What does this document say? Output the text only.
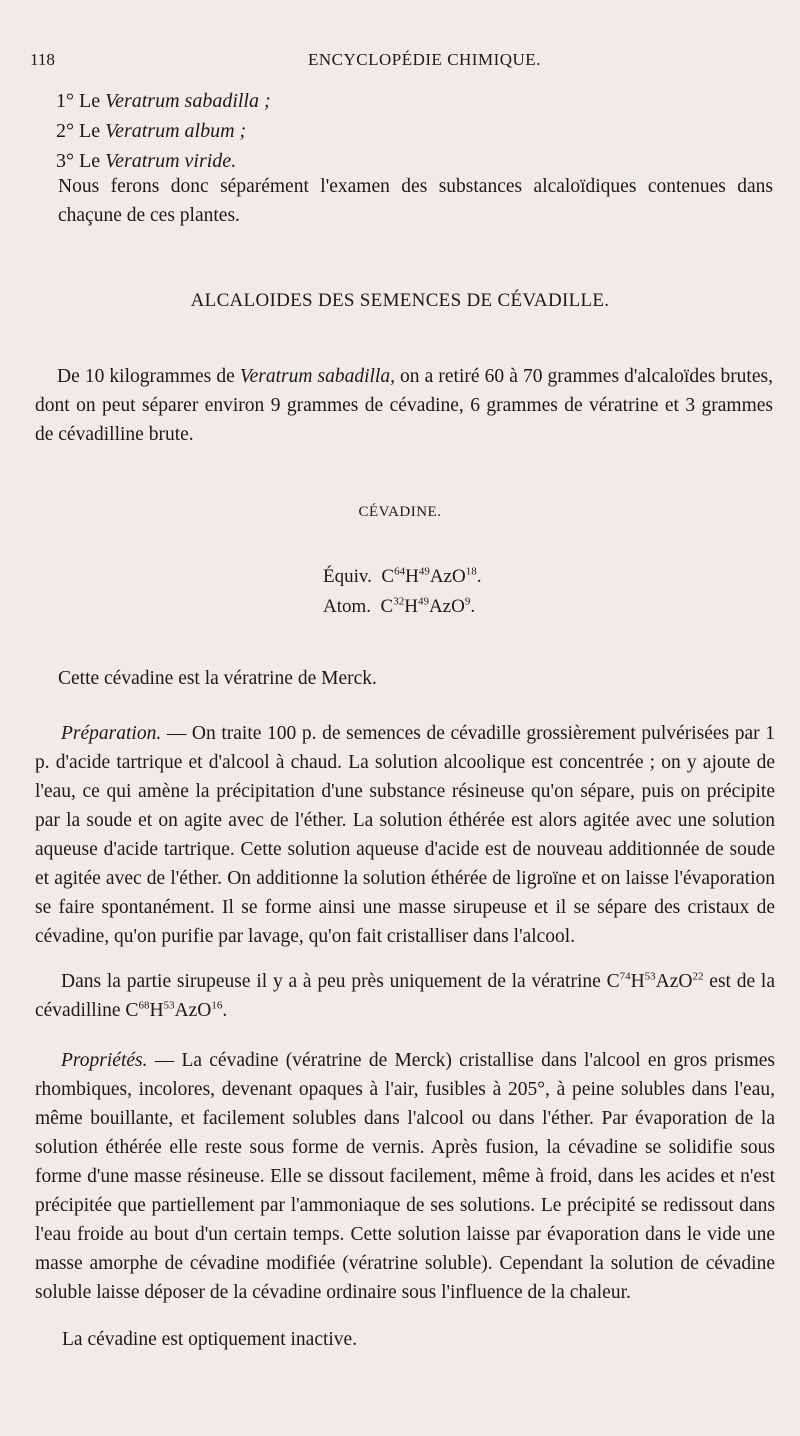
118	ENCYCLOPÉDIE CHIMIQUE.
1° Le Veratrum sabadilla ;
2° Le Veratrum album ;
3° Le Veratrum viride.

Nous ferons donc séparément l'examen des substances alcaloïdiques contenues dans chaçune de ces plantes.

ALCALOIDES DES SEMENCES DE CÉVADILLE.

De 10 kilogrammes de Veratrum sabadilla, on a retiré 60 à 70 grammes d'alcaloïdes brutes, dont on peut séparer environ 9 grammes de cévadine, 6 grammes de vératrine et 3 grammes de cévadilline brute.

CÉVADINE.
Équiv. $C^{64}H^{49}AzO^{18}$.
Atom. $C^{32}H^{49}AzO^9$.

Cette cévadine est la vératrine de Merck.

Préparation. — On traite 100 p. de semences de cévadille grossièrement pulvérisées par 1 p. d'acide tartrique et d'alcool à chaud. La solution alcoolique est concentrée ; on y ajoute de l'eau, ce qui amène la précipitation d'une substance résineuse qu'on sépare, puis on précipite par la soude et on agite avec de l'éther. La solution éthérée est alors agitée avec une solution aqueuse d'acide tartrique. Cette solution aqueuse d'acide est de nouveau additionnée de soude et agitée avec de l'éther. On additionne la solution éthérée de ligroïne et on laisse l'évaporation se faire spontanément. Il se forme ainsi une masse sirupeuse et il se sépare des cristaux de cévadine, qu'on purifie par lavage, qu'on fait cristalliser dans l'alcool.

Dans la partie sirupeuse il y a à peu près uniquement de la vératrine $C^{74}H^{53}AzO^{22}$ est de la cévadilline $C^{68}H^{53}AzO^{16}$.

Propriétés. — La cévadine (vératrine de Merck) cristallise dans l'alcool en gros prismes rhombiques, incolores, devenant opaques à l'air, fusibles à 205°, à peine solubles dans l'eau, même bouillante, et facilement solubles dans l'alcool ou dans l'éther. Par évaporation de la solution éthérée elle reste sous forme de vernis. Après fusion, la cévadine se solidifie sous forme d'une masse résineuse. Elle se dissout facilement, même à froid, dans les acides et n'est précipitée que partiellement par l'ammoniaque de ses solutions. Le précipité se redissout dans l'eau froide au bout d'un certain temps. Cette solution laisse par évaporation dans le vide une masse amorphe de cévadine modifiée (vératrine soluble). Cependant la solution de cévadine soluble laisse déposer de la cévadine ordinaire sous l'influence de la chaleur.

La cévadine est optiquement inactive.
